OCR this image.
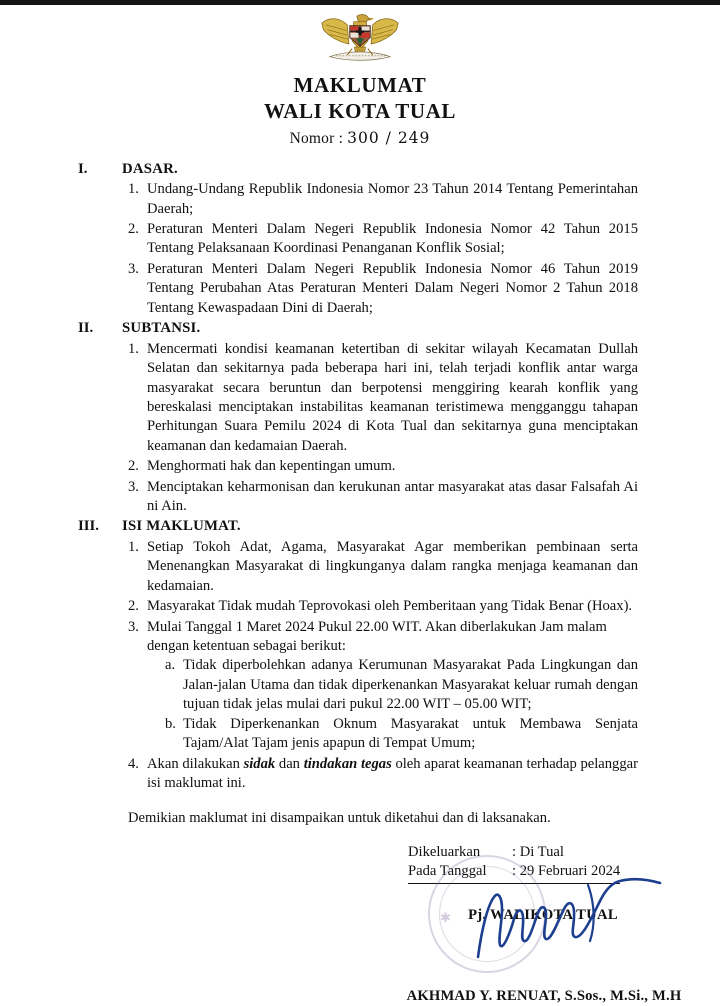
MAKLUMAT
WALI KOTA TUAL
Nomor : 300 / 249
I.	DASAR.
1. Undang-Undang Republik Indonesia Nomor 23 Tahun 2014 Tentang Pemerintahan Daerah;
2. Peraturan Menteri Dalam Negeri Republik Indonesia Nomor 42 Tahun 2015 Tentang Pelaksanaan Koordinasi Penanganan Konflik Sosial;
3. Peraturan Menteri Dalam Negeri Republik Indonesia Nomor 46 Tahun 2019 Tentang Perubahan Atas Peraturan Menteri Dalam Negeri Nomor 2 Tahun 2018 Tentang Kewaspadaan Dini di Daerah;
II.	SUBTANSI.
1. Mencermati kondisi keamanan ketertiban di sekitar wilayah Kecamatan Dullah Selatan dan sekitarnya pada beberapa hari ini, telah terjadi konflik antar warga masyarakat secara beruntun dan berpotensi menggiring kearah konflik yang bereskalasi menciptakan instabilitas keamanan teristimewa mengganggu tahapan Perhitungan Suara Pemilu 2024 di Kota Tual dan sekitarnya guna menciptakan keamanan dan kedamaian Daerah.
2. Menghormati hak dan kepentingan umum.
3. Menciptakan keharmonisan dan kerukunan antar masyarakat atas dasar Falsafah Ai ni Ain.
III.	ISI MAKLUMAT.
1. Setiap Tokoh Adat, Agama, Masyarakat Agar memberikan pembinaan serta Menenangkan Masyarakat di lingkunganya dalam rangka menjaga keamanan dan kedamaian.
2. Masyarakat Tidak mudah Teprovokasi oleh Pemberitaan yang Tidak Benar (Hoax).
3. Mulai Tanggal 1 Maret 2024 Pukul 22.00 WIT. Akan diberlakukan Jam malam dengan ketentuan sebagai berikut:
a. Tidak diperbolehkan adanya Kerumunan Masyarakat Pada Lingkungan dan Jalan-jalan Utama dan tidak diperkenankan Masyarakat keluar rumah dengan tujuan tidak jelas mulai dari pukul 22.00 WIT – 05.00 WIT;
b. Tidak Diperkenankan Oknum Masyarakat untuk Membawa Senjata Tajam/Alat Tajam jenis apapun di Tempat Umum;
4. Akan dilakukan sidak dan tindakan tegas oleh aparat keamanan terhadap pelanggar isi maklumat ini.
Demikian maklumat ini disampaikan untuk diketahui dan di laksanakan.
Dikeluarkan	: Di Tual
Pada Tanggal	: 29 Februari 2024
Pj. WALIKOTA TUAL
✱
AKHMAD Y. RENUAT, S.Sos., M.Si., M.H
